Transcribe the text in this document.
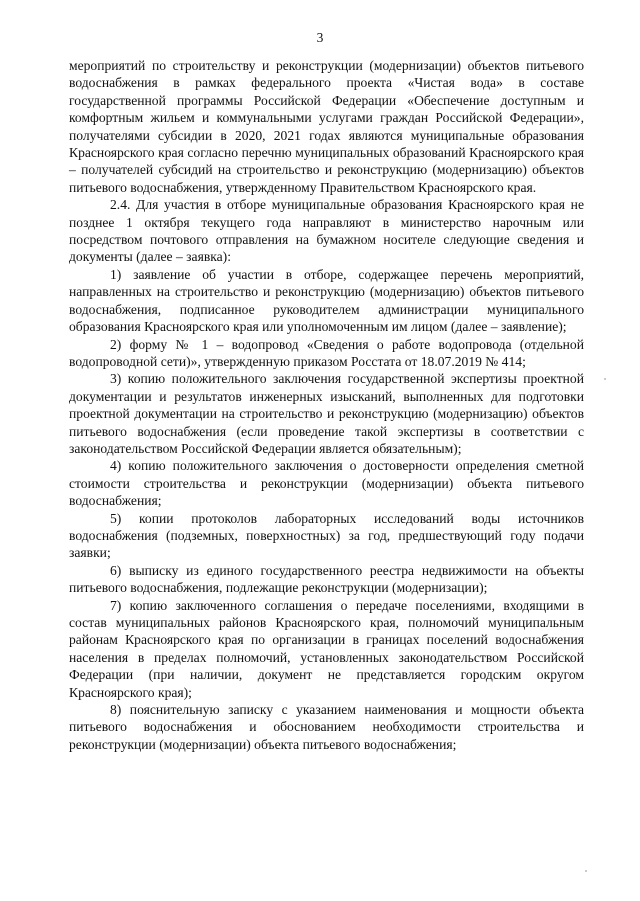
3

мероприятий по строительству и реконструкции (модернизации) объектов питьевого водоснабжения в рамках федерального проекта «Чистая вода» в составе государственной программы Российской Федерации «Обеспечение доступным и комфортным жильем и коммунальными услугами граждан Российской Федерации», получателями субсидии в 2020, 2021 годах являются муниципальные образования Красноярского края согласно перечню муниципальных образований Красноярского края – получателей субсидий на строительство и реконструкцию (модернизацию) объектов питьевого водоснабжения, утвержденному Правительством Красноярского края.

2.4. Для участия в отборе муниципальные образования Красноярского края не позднее 1 октября текущего года направляют в министерство нарочным или посредством почтового отправления на бумажном носителе следующие сведения и документы (далее – заявка):

1) заявление об участии в отборе, содержащее перечень мероприятий, направленных на строительство и реконструкцию (модернизацию) объектов питьевого водоснабжения, подписанное руководителем администрации муниципального образования Красноярского края или уполномоченным им лицом (далее – заявление);

2) форму № 1 – водопровод «Сведения о работе водопровода (отдельной водопроводной сети)», утвержденную приказом Росстата от 18.07.2019 № 414;

3) копию положительного заключения государственной экспертизы проектной документации и результатов инженерных изысканий, выполненных для подготовки проектной документации на строительство и реконструкцию (модернизацию) объектов питьевого водоснабжения (если проведение такой экспертизы в соответствии с законодательством Российской Федерации является обязательным);

4) копию положительного заключения о достоверности определения сметной стоимости строительства и реконструкции (модернизации) объекта питьевого водоснабжения;

5) копии протоколов лабораторных исследований воды источников водоснабжения (подземных, поверхностных) за год, предшествующий году подачи заявки;

6) выписку из единого государственного реестра недвижимости на объекты питьевого водоснабжения, подлежащие реконструкции (модернизации);

7) копию заключенного соглашения о передаче поселениями, входящими в состав муниципальных районов Красноярского края, полномочий муниципальным районам Красноярского края по организации в границах поселений водоснабжения населения в пределах полномочий, установленных законодательством Российской Федерации (при наличии, документ не представляется городским округом Красноярского края);

8) пояснительную записку с указанием наименования и мощности объекта питьевого водоснабжения и обоснованием необходимости строительства и реконструкции (модернизации) объекта питьевого водоснабжения;
